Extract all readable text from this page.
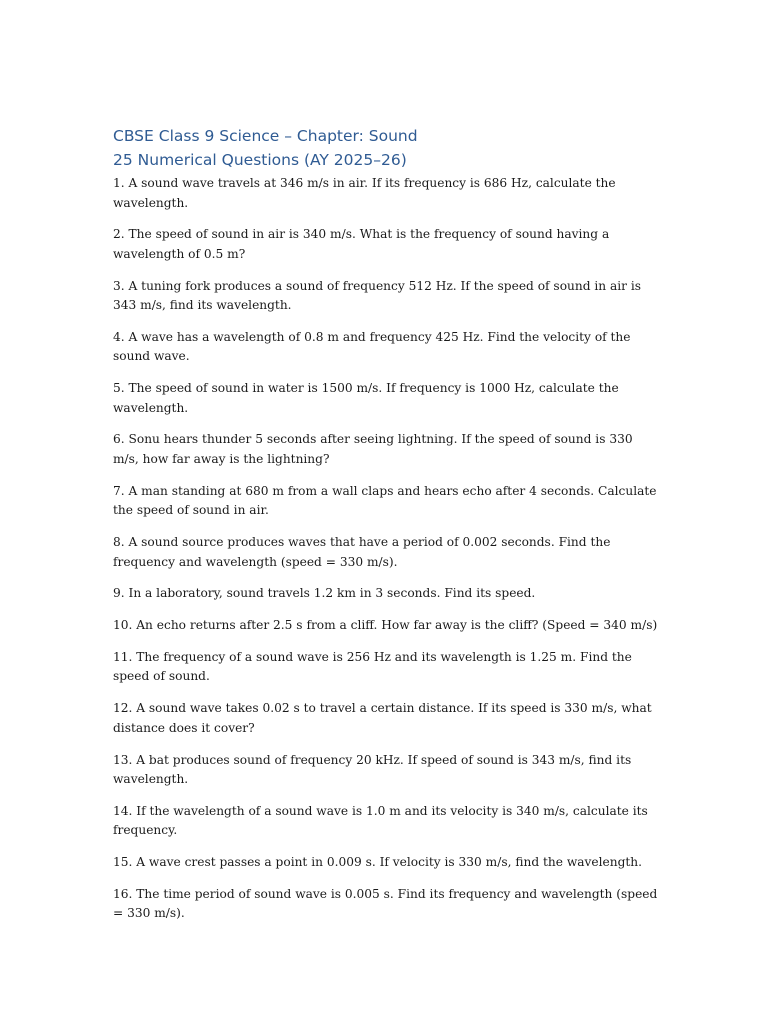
CBSE Class 9 Science – Chapter: Sound
25 Numerical Questions (AY 2025–26)
1. A sound wave travels at 346 m/s in air. If its frequency is 686 Hz, calculate the wavelength.
2. The speed of sound in air is 340 m/s. What is the frequency of sound having a wavelength of 0.5 m?
3. A tuning fork produces a sound of frequency 512 Hz. If the speed of sound in air is 343 m/s, find its wavelength.
4. A wave has a wavelength of 0.8 m and frequency 425 Hz. Find the velocity of the sound wave.
5. The speed of sound in water is 1500 m/s. If frequency is 1000 Hz, calculate the wavelength.
6. Sonu hears thunder 5 seconds after seeing lightning. If the speed of sound is 330 m/s, how far away is the lightning?
7. A man standing at 680 m from a wall claps and hears echo after 4 seconds. Calculate the speed of sound in air.
8. A sound source produces waves that have a period of 0.002 seconds. Find the frequency and wavelength (speed = 330 m/s).
9. In a laboratory, sound travels 1.2 km in 3 seconds. Find its speed.
10. An echo returns after 2.5 s from a cliff. How far away is the cliff? (Speed = 340 m/s)
11. The frequency of a sound wave is 256 Hz and its wavelength is 1.25 m. Find the speed of sound.
12. A sound wave takes 0.02 s to travel a certain distance. If its speed is 330 m/s, what distance does it cover?
13. A bat produces sound of frequency 20 kHz. If speed of sound is 343 m/s, find its wavelength.
14. If the wavelength of a sound wave is 1.0 m and its velocity is 340 m/s, calculate its frequency.
15. A wave crest passes a point in 0.009 s. If velocity is 330 m/s, find the wavelength.
16. The time period of sound wave is 0.005 s. Find its frequency and wavelength (speed = 330 m/s).
